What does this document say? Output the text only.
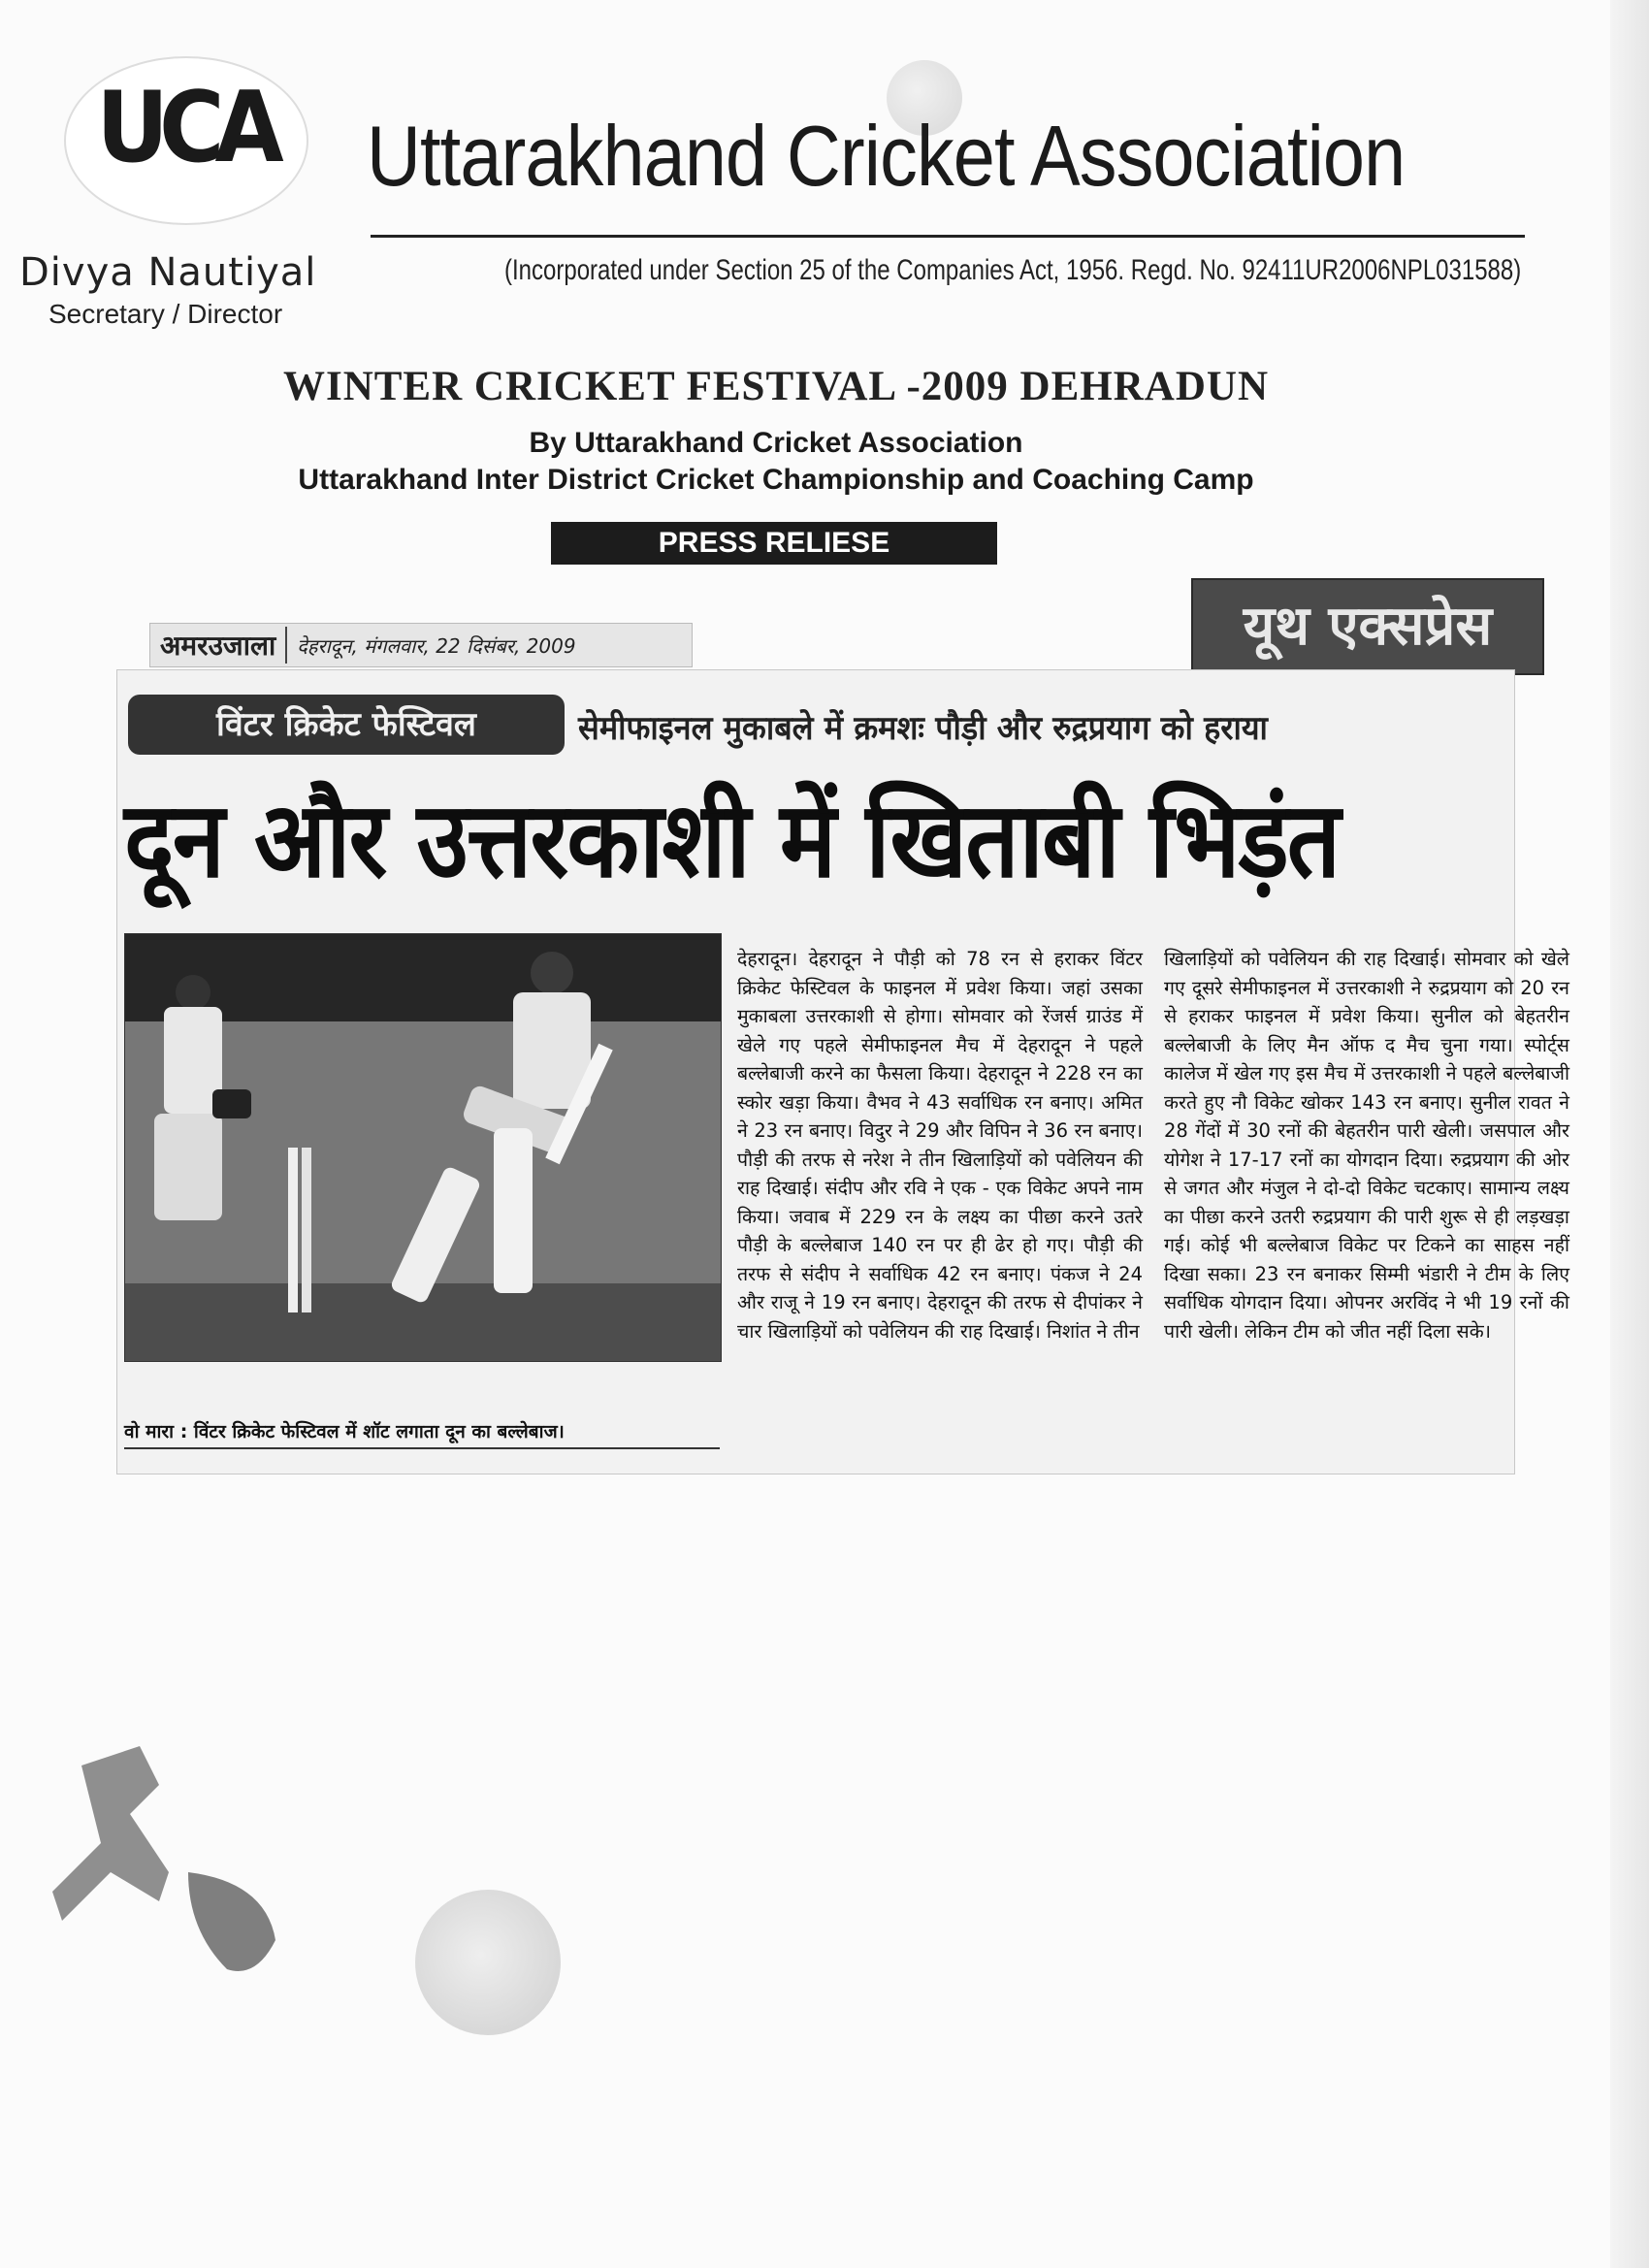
UCA Uttarakhand Cricket Association
Divya Nautiyal
Secretary / Director
(Incorporated under Section 25 of the Companies Act, 1956. Regd. No. 92411UR2006NPL031588)
WINTER CRICKET FESTIVAL -2009 DEHRADUN
By Uttarakhand Cricket Association
Uttarakhand Inter District Cricket Championship and Coaching Camp
PRESS RELIESE
यूथ एक्सप्रेस
अमरउजाला	देहरादून, मंगलवार, 22 दिसंबर, 2009
विंटर क्रिकेट फेस्टिवल	सेमीफाइनल मुकाबले में क्रमशः पौड़ी और रुद्रप्रयाग को हराया
दून और उत्तरकाशी में खिताबी भिड़ंत
वो मारा : विंटर क्रिकेट फेस्टिवल में शॉट लगाता दून का बल्लेबाज।
देहरादून। देहरादून ने पौड़ी को 78 रन से हराकर विंटर क्रिकेट फेस्टिवल के फाइनल में प्रवेश किया। जहां उसका मुकाबला उत्तरकाशी से होगा। सोमवार को रेंजर्स ग्राउंड में खेले गए पहले सेमीफाइनल मैच में देहरादून ने पहले बल्लेबाजी करने का फैसला किया। देहरादून ने 228 रन का स्कोर खड़ा किया। वैभव ने 43 सर्वाधिक रन बनाए। अमित ने 23 रन बनाए। विदुर ने 29 और विपिन ने 36 रन बनाए। पौड़ी की तरफ से नरेश ने तीन खिलाड़ियों को पवेलियन की राह दिखाई। संदीप और रवि ने एक - एक विकेट अपने नाम किया। जवाब में 229 रन के लक्ष्य का पीछा करने उतरे पौड़ी के बल्लेबाज 140 रन पर ही ढेर हो गए। पौड़ी की तरफ से संदीप ने सर्वाधिक 42 रन बनाए। पंकज ने 24 और राजू ने 19 रन बनाए। देहरादून की तरफ से दीपांकर ने चार खिलाड़ियों को पवेलियन की राह दिखाई। निशांत ने तीन
खिलाड़ियों को पवेलियन की राह दिखाई। सोमवार को खेले गए दूसरे सेमीफाइनल में उत्तरकाशी ने रुद्रप्रयाग को 20 रन से हराकर फाइनल में प्रवेश किया। सुनील को बेहतरीन बल्लेबाजी के लिए मैन ऑफ द मैच चुना गया। स्पोर्ट्स कालेज में खेल गए इस मैच में उत्तरकाशी ने पहले बल्लेबाजी करते हुए नौ विकेट खोकर 143 रन बनाए। सुनील रावत ने 28 गेंदों में 30 रनों की बेहतरीन पारी खेली। जसपाल और योगेश ने 17-17 रनों का योगदान दिया। रुद्रप्रयाग की ओर से जगत और मंजुल ने दो-दो विकेट चटकाए। सामान्य लक्ष्य का पीछा करने उतरी रुद्रप्रयाग की पारी शुरू से ही लड़खड़ा गई। कोई भी बल्लेबाज विकेट पर टिकने का साहस नहीं दिखा सका। 23 रन बनाकर सिम्मी भंडारी ने टीम के लिए सर्वाधिक योगदान दिया। ओपनर अरविंद ने भी 19 रनों की पारी खेली। लेकिन टीम को जीत नहीं दिला सके।
